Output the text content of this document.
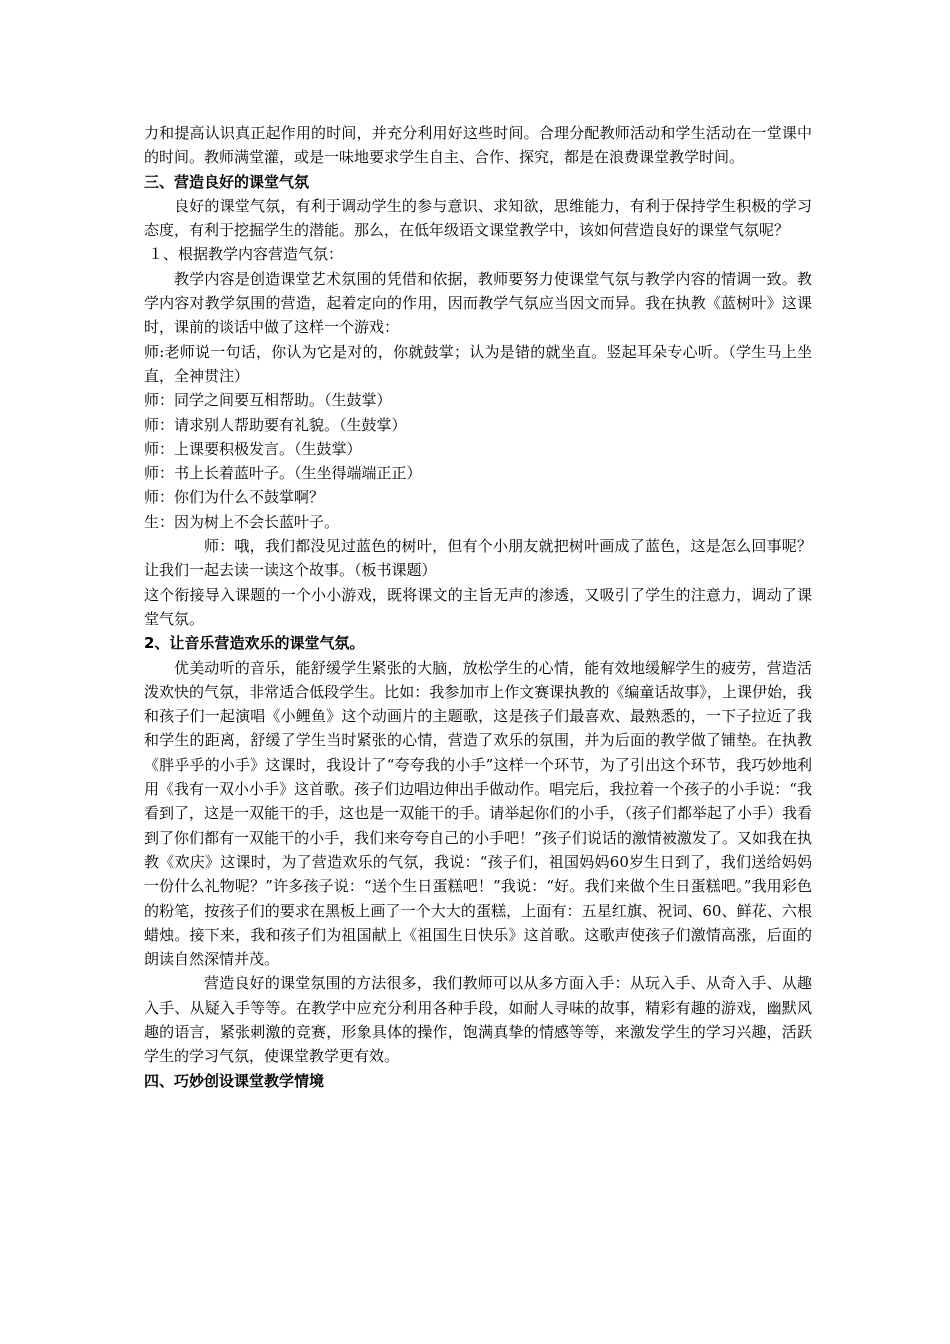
力和提高认识真正起作用的时间，并充分利用好这些时间。合理分配教师活动和学生活动在一堂课中的时间。教师满堂灌，或是一味地要求学生自主、合作、探究，都是在浪费课堂教学时间。

三、营造良好的课堂气氛

良好的课堂气氛，有利于调动学生的参与意识、求知欲，思维能力，有利于保持学生积极的学习态度，有利于挖掘学生的潜能。那么，在低年级语文课堂教学中，该如何营造良好的课堂气氛呢？

１、根据教学内容营造气氛：

教学内容是创造课堂艺术氛围的凭借和依据，教师要努力使课堂气氛与教学内容的情调一致。教学内容对教学氛围的营造，起着定向的作用，因而教学气氛应当因文而异。我在执教《蓝树叶》这课时，课前的谈话中做了这样一个游戏：

师:老师说一句话，你认为它是对的，你就鼓掌；认为是错的就坐直。竖起耳朵专心听。（学生马上坐直，全神贯注）

师：同学之间要互相帮助。（生鼓掌）

师：请求别人帮助要有礼貌。（生鼓掌）

师：上课要积极发言。（生鼓掌）

师：书上长着蓝叶子。（生坐得端端正正）

师：你们为什么不鼓掌啊？

生：因为树上不会长蓝叶子。

师：哦，我们都没见过蓝色的树叶，但有个小朋友就把树叶画成了蓝色，这是怎么回事呢？让我们一起去读一读这个故事。（板书课题）

这个衔接导入课题的一个小小游戏，既将课文的主旨无声的渗透，又吸引了学生的注意力，调动了课堂气氛。

2、让音乐营造欢乐的课堂气氛。

优美动听的音乐，能舒缓学生紧张的大脑，放松学生的心情，能有效地缓解学生的疲劳，营造活泼欢快的气氛，非常适合低段学生。比如：我参加市上作文赛课执教的《编童话故事》，上课伊始，我和孩子们一起演唱《小鲤鱼》这个动画片的主题歌，这是孩子们最喜欢、最熟悉的，一下子拉近了我和学生的距离，舒缓了学生当时紧张的心情，营造了欢乐的氛围，并为后面的教学做了铺垫。在执教《胖乎乎的小手》这课时，我设计了“夸夸我的小手”这样一个环节，为了引出这个环节，我巧妙地利用《我有一双小小手》这首歌。孩子们边唱边伸出手做动作。唱完后，我拉着一个孩子的小手说：“我看到了，这是一双能干的手，这也是一双能干的手。请举起你们的小手，（孩子们都举起了小手）我看到了你们都有一双能干的小手，我们来夸夸自己的小手吧！”孩子们说话的激情被激发了。又如我在执教《欢庆》这课时，为了营造欢乐的气氛，我说：“孩子们，祖国妈妈60岁生日到了，我们送给妈妈一份什么礼物呢？”许多孩子说：“送个生日蛋糕吧！”我说：“好。我们来做个生日蛋糕吧。”我用彩色的粉笔，按孩子们的要求在黑板上画了一个大大的蛋糕，上面有：五星红旗、祝词、60、鲜花、六根蜡烛。接下来，我和孩子们为祖国献上《祖国生日快乐》这首歌。这歌声使孩子们激情高涨，后面的朗读自然深情并茂。

营造良好的课堂氛围的方法很多，我们教师可以从多方面入手：从玩入手、从奇入手、从趣入手、从疑入手等等。在教学中应充分利用各种手段，如耐人寻味的故事，精彩有趣的游戏，幽默风趣的语言，紧张刺激的竞赛，形象具体的操作，饱满真挚的情感等等，来激发学生的学习兴趣，活跃学生的学习气氛，使课堂教学更有效。

四、巧妙创设课堂教学情境
